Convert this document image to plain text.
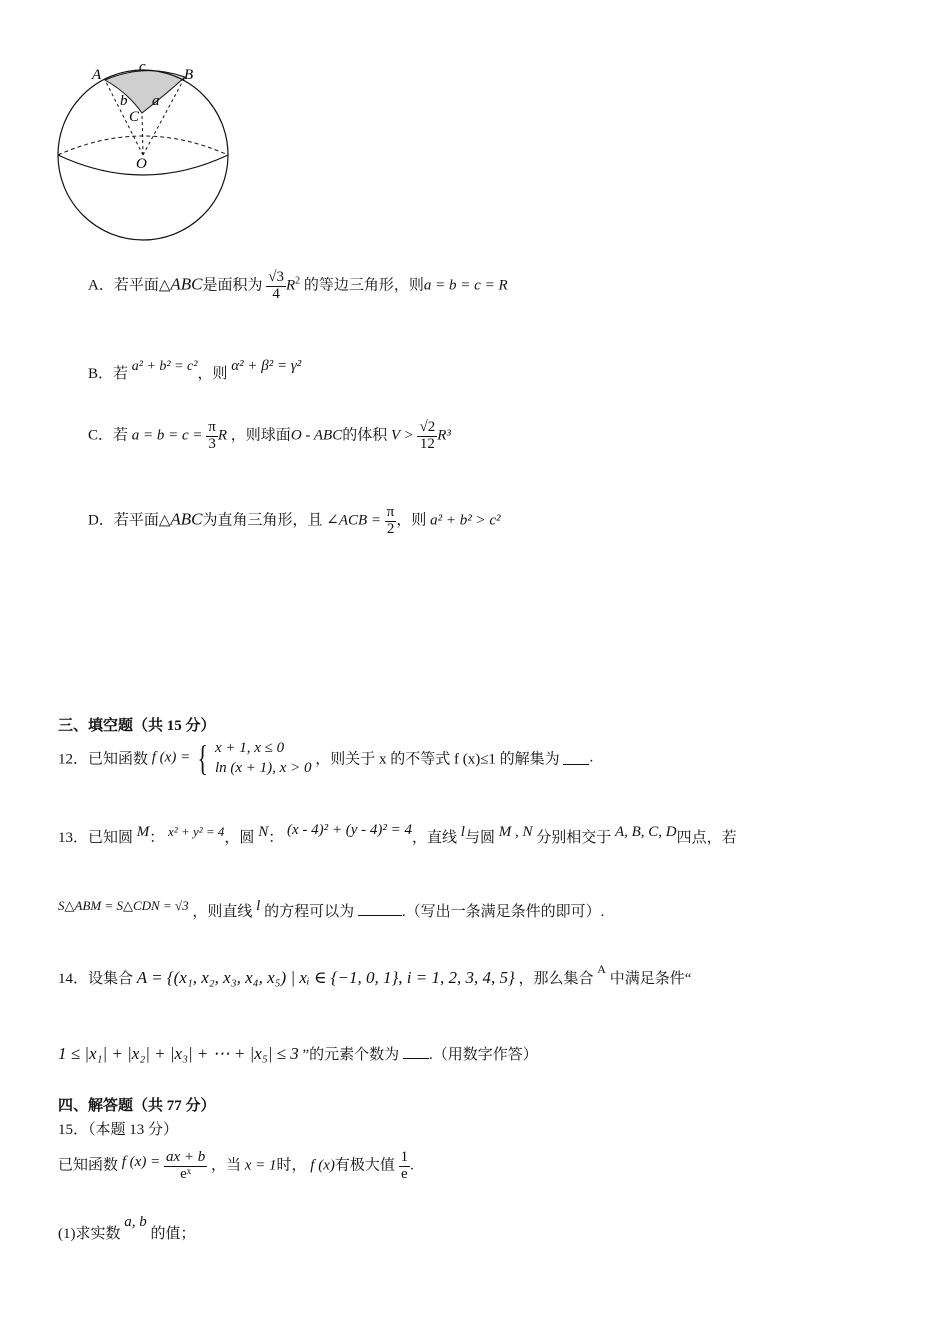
A	B
c
b a
C
O
A．若平面△ABC是面积为 $\frac{√3}{4} R^2$ 的等边三角形，则a = b = c = R
B．若 a² + b² = c²，则 α² + β² = γ²
C．若 $a = b = c = \frac{\pi}{3}$ R ，则球面O - ABC的体积 $V > \frac{√2}{12} R^3$
D．若平面△ABC为直角三角形，且 ∠ACB = $\frac{\pi}{2}$ ，则 a² + b² > c²
三、填空题（共 15 分）
12．已知函数 f (x) = { x + 1, x ≤ 0
ln (x + 1), x > 0
，则关于 x 的不等式 f (x)≤1 的解集为 .
13．已知圆 M： x² + y² = 4，圆 N： (x - 4)² + (y - 4)² = 4，直线 l与圆 M , N 分别相交于 A, B, C, D四点，若
S△ABM = S△CDN = √3 ，则直线 l 的方程可以为	.（写出一条满足条件的即可）.
14．设集合 A = {(x₁, x₂, x₃, x₄, x₅) | xᵢ ∈ {−1, 0, 1}, i = 1, 2, 3, 4, 5} ，那么集合 $^A$ 中满足条件“
1 ≤ |x₁| + |x₂| + |x₃| + ⋯ + |x₅| ≤ 3 ”的元素个数为 .（用数字作答）
四、解答题（共 77 分）
15．（本题 13 分）
已知函数 f $(x) = \frac{ax + b}{\text{eˣ}}$ ，当 x = 1时， f (x)有极大值 $\frac{1}{e}$ .
(1)求实数 a, b 的值；
